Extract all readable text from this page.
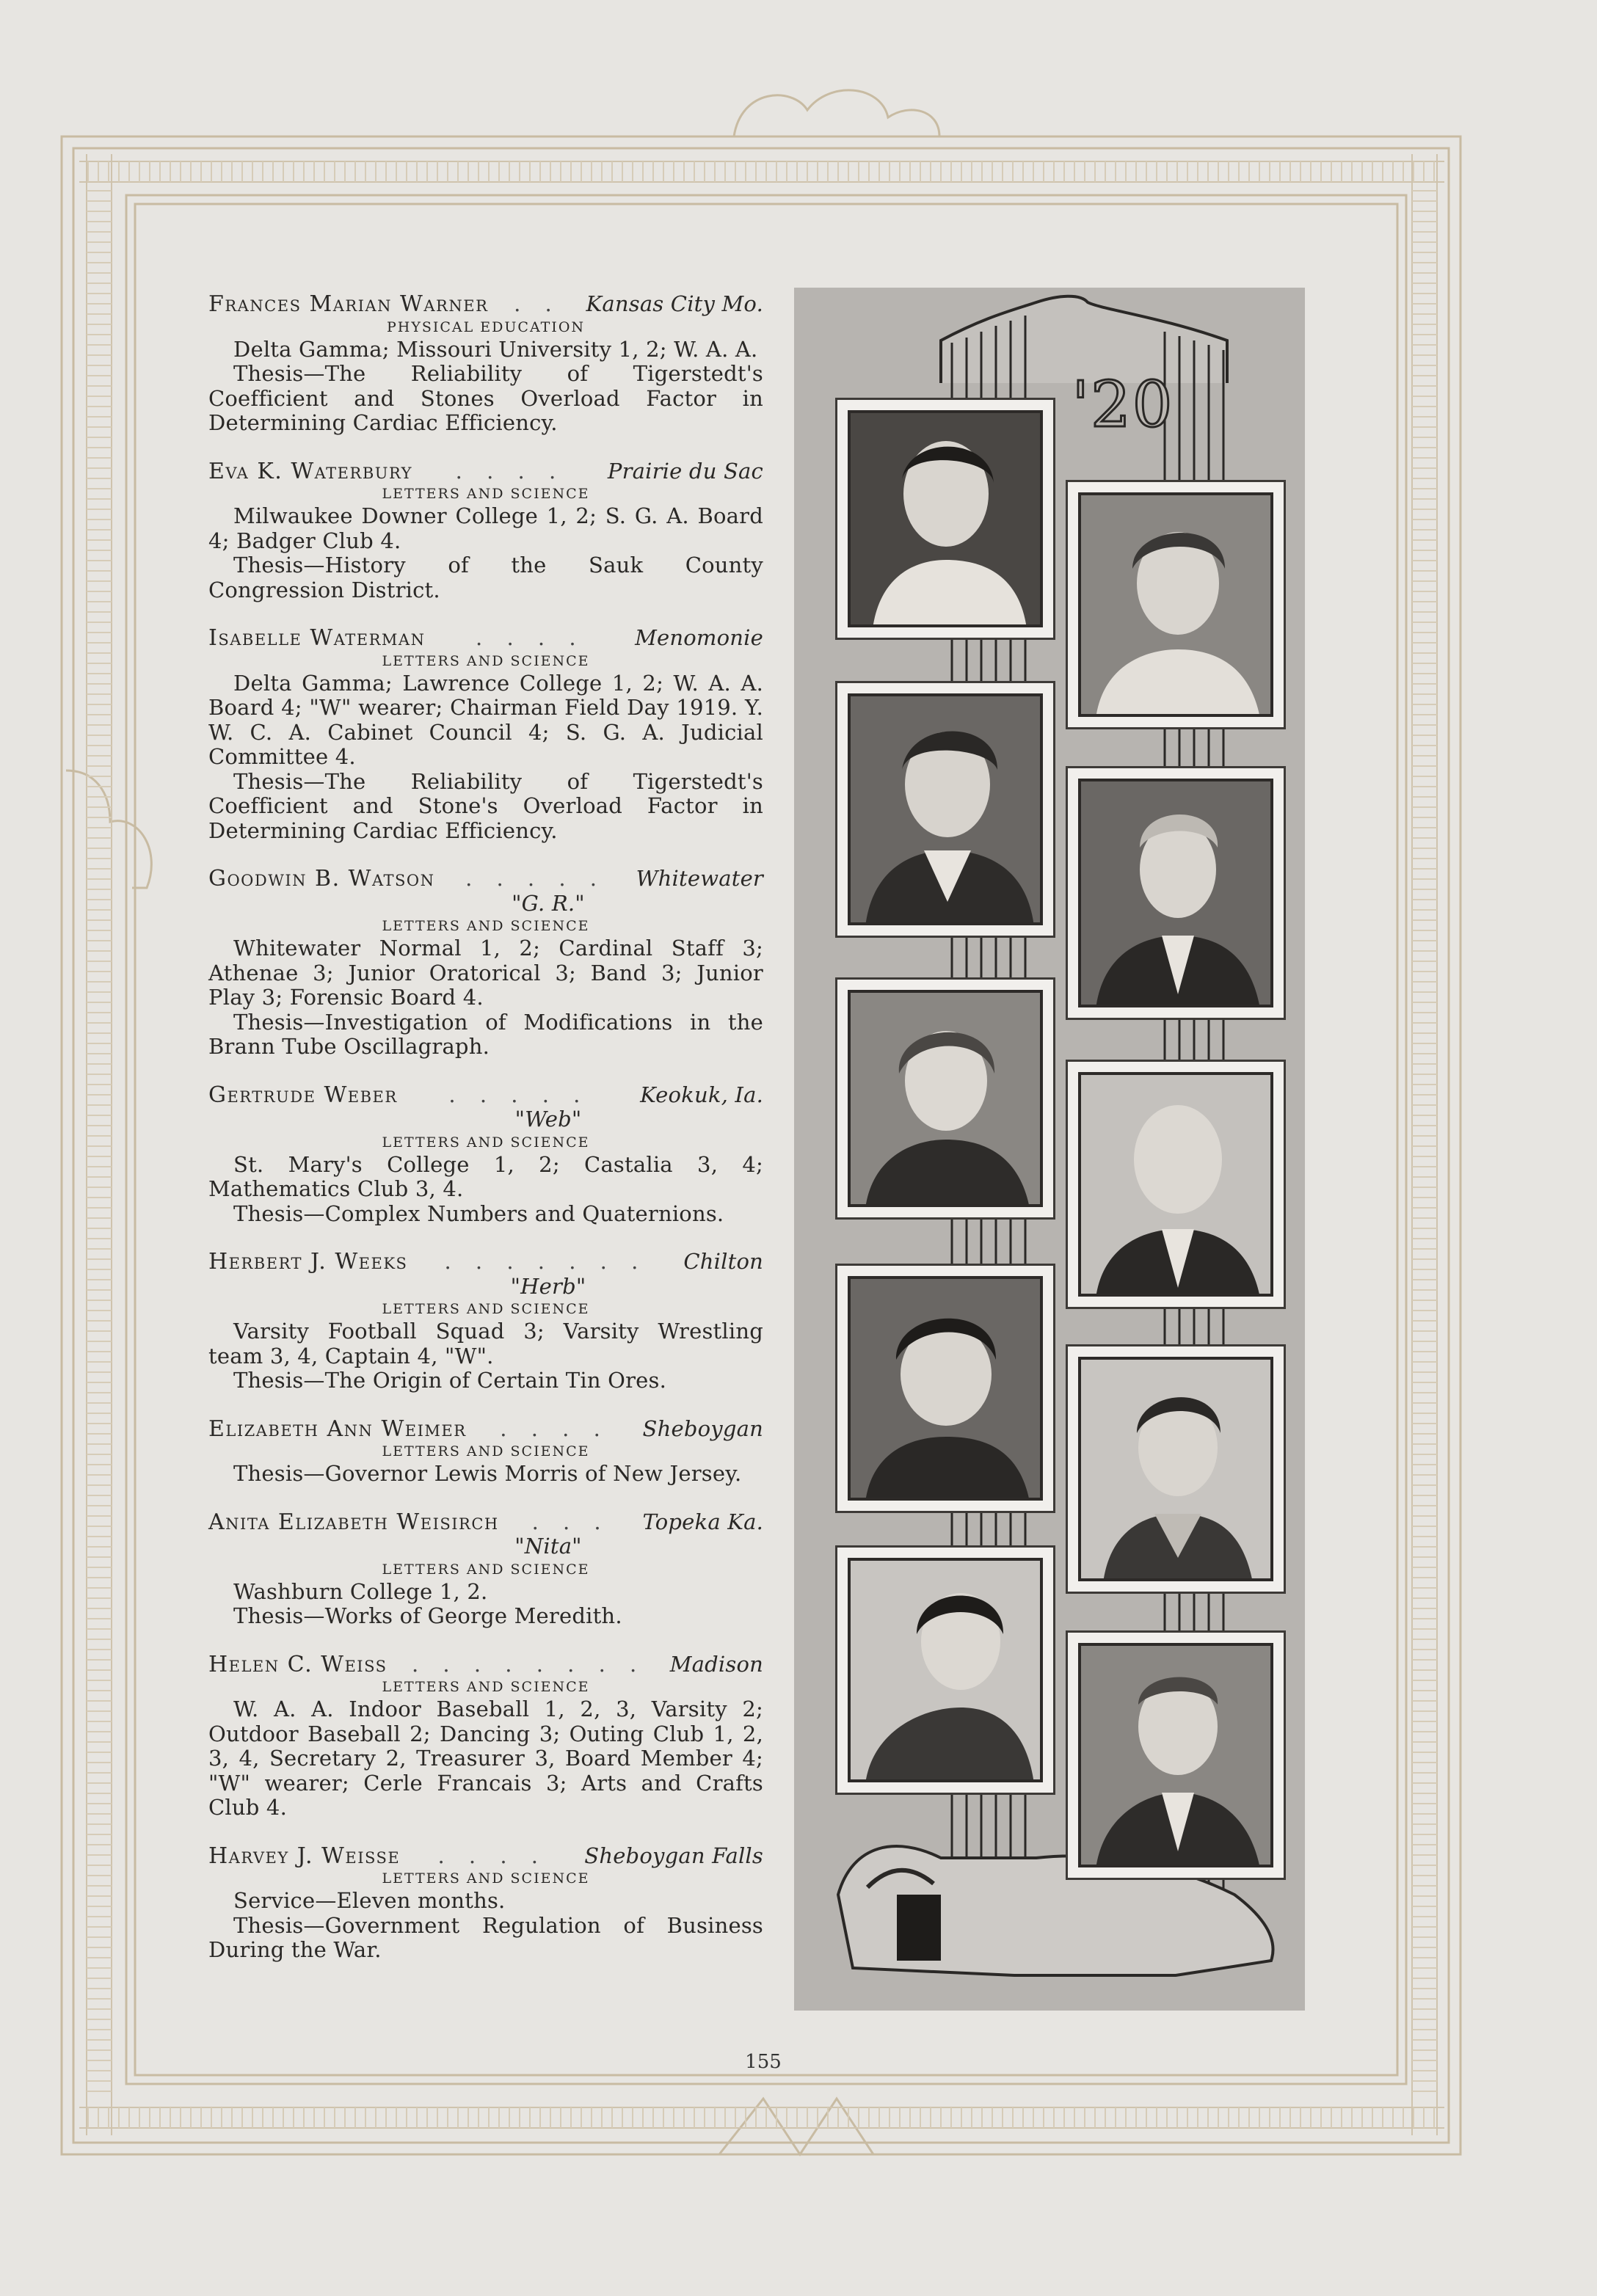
Frances Marian Warner	. .	Kansas City Mo.
PHYSICAL EDUCATION
Delta Gamma; Missouri University 1, 2; W. A. A.
Thesis—The Reliability of Tigerstedt's Coefficient and Stones Overload Factor in Determining Cardiac Efficiency.
Eva K. Waterbury	. . . .	Prairie du Sac
LETTERS AND SCIENCE
Milwaukee Downer College 1, 2; S. G. A. Board 4; Badger Club 4.
Thesis—History of the Sauk County Congression District.
Isabelle Waterman	. . . .	Menomonie
LETTERS AND SCIENCE
Delta Gamma; Lawrence College 1, 2; W. A. A. Board 4; "W" wearer; Chairman Field Day 1919. Y. W. C. A. Cabinet Council 4; S. G. A. Judicial Committee 4.
Thesis—The Reliability of Tigerstedt's Coefficient and Stone's Overload Factor in Determining Cardiac Efficiency.
Goodwin B. Watson	. . . . .	Whitewater
"G. R."
LETTERS AND SCIENCE
Whitewater Normal 1, 2; Cardinal Staff 3; Athenae 3; Junior Oratorical 3; Band 3; Junior Play 3; Forensic Board 4.
Thesis—Investigation of Modifications in the Brann Tube Oscillagraph.
Gertrude Weber	. . . . .	Keokuk, Ia.
"Web"
LETTERS AND SCIENCE
St. Mary's College 1, 2; Castalia 3, 4; Mathematics Club 3, 4.
Thesis—Complex Numbers and Quaternions.
Herbert J. Weeks	. . . . . . .	Chilton
"Herb"
LETTERS AND SCIENCE
Varsity Football Squad 3; Varsity Wrestling team 3, 4, Captain 4, "W".
Thesis—The Origin of Certain Tin Ores.
Elizabeth Ann Weimer	. . . .	Sheboygan
LETTERS AND SCIENCE
Thesis—Governor Lewis Morris of New Jersey.
Anita Elizabeth Weisirch	. . .	Topeka Ka.
"Nita"
LETTERS AND SCIENCE
Washburn College 1, 2.
Thesis—Works of George Meredith.
Helen C. Weiss	. . . . . . . .	Madison
LETTERS AND SCIENCE
W. A. A. Indoor Baseball 1, 2, 3, Varsity 2; Outdoor Baseball 2; Dancing 3; Outing Club 1, 2, 3, 4, Secretary 2, Treasurer 3, Board Member 4; "W" wearer; Cerle Francais 3; Arts and Crafts Club 4.
Harvey J. Weisse	. . . .	Sheboygan Falls
LETTERS AND SCIENCE
Service—Eleven months.
Thesis—Government Regulation of Business During the War.
'20
155
